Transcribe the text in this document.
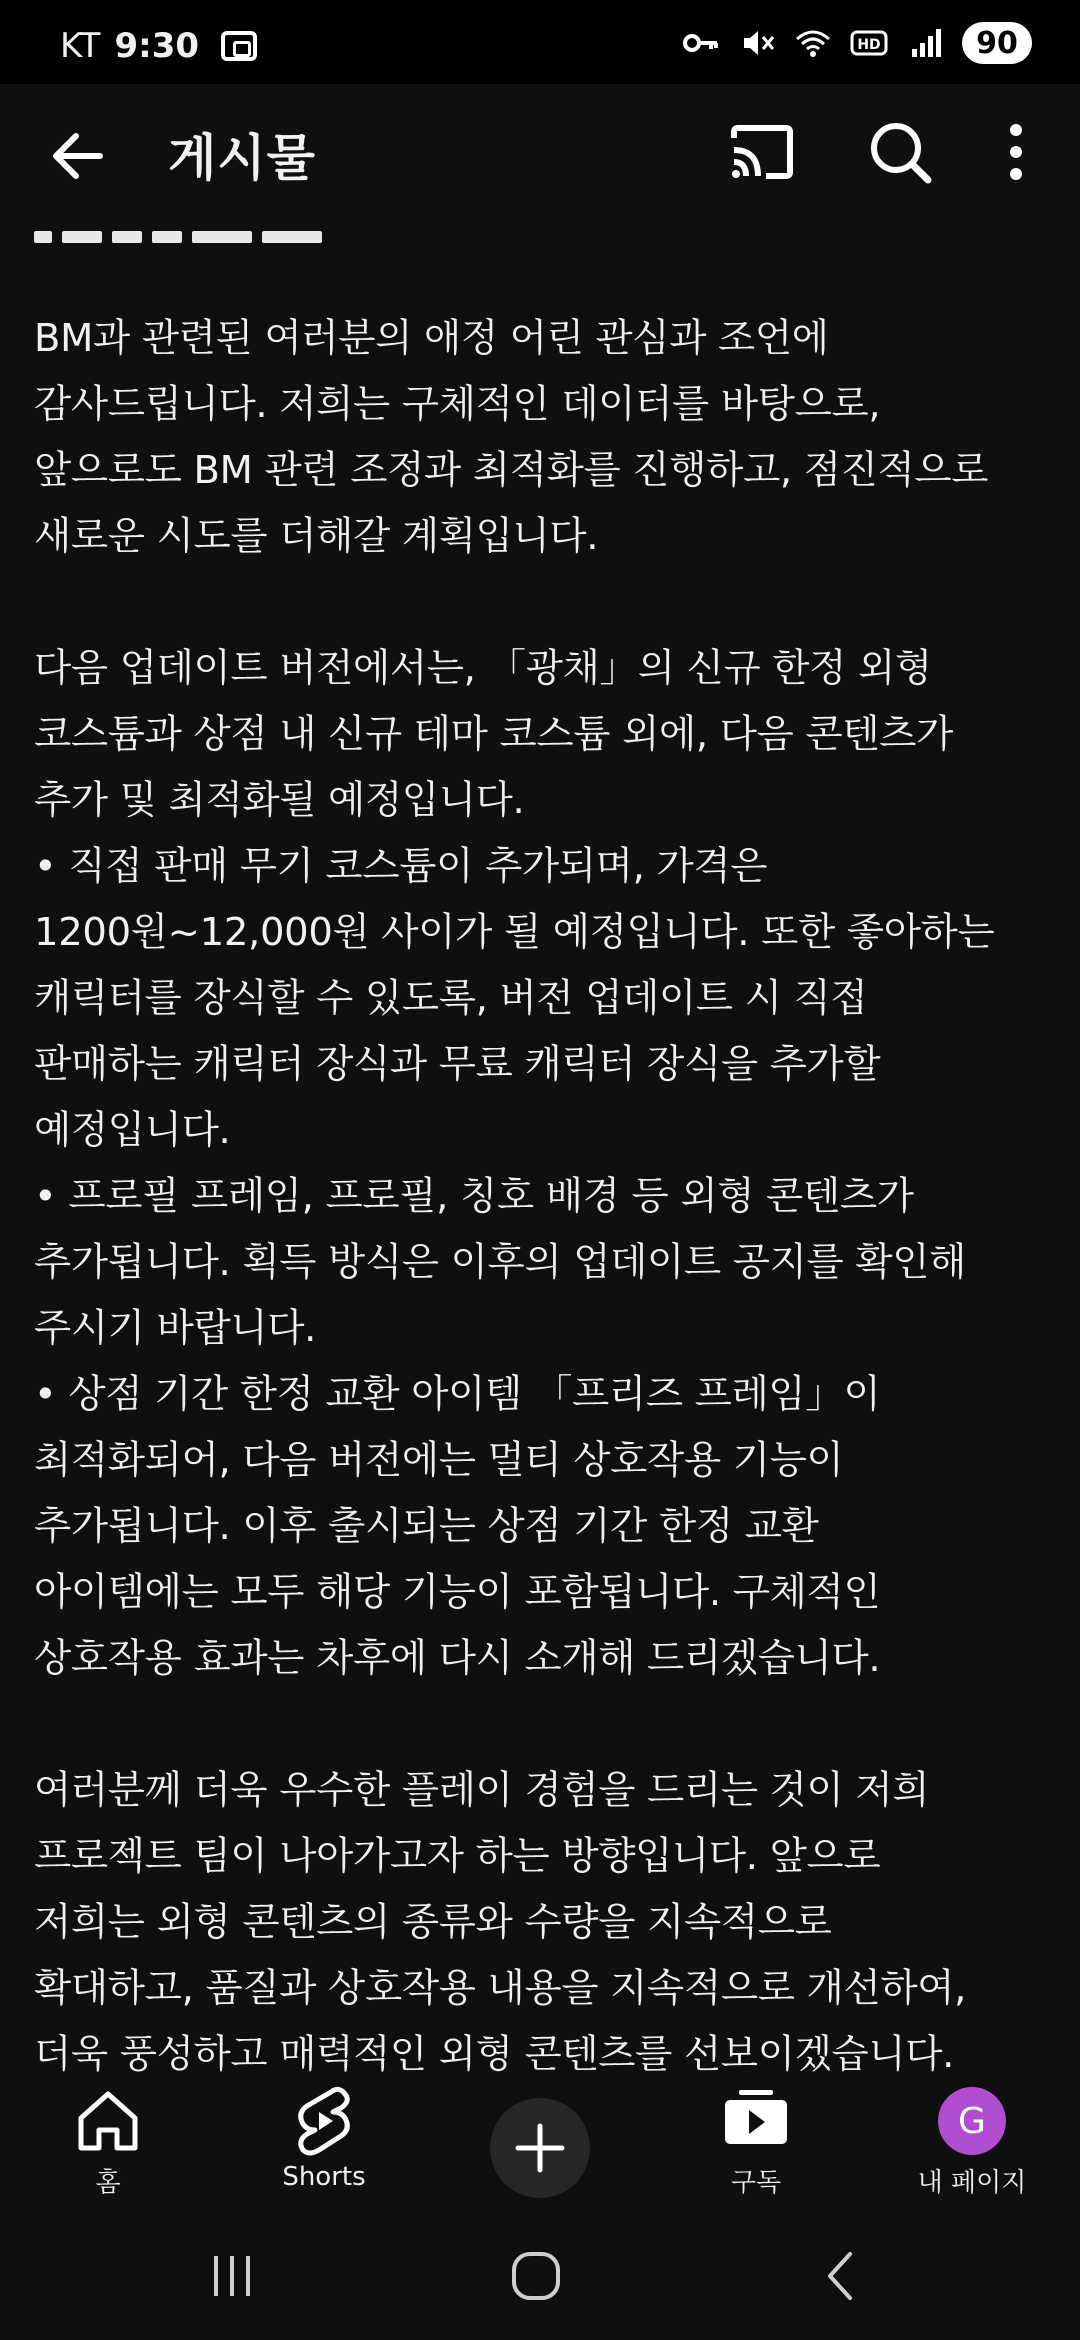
KT 9:30	HD	90
게시물

BM과 관련된 여러분의 애정 어린 관심과 조언에

감사드립니다. 저희는 구체적인 데이터를 바탕으로,

앞으로도 BM 관련 조정과 최적화를 진행하고, 점진적으로

새로운 시도를 더해갈 계획입니다.

다음 업데이트 버전에서는, 「광채」의 신규 한정 외형

코스튬과 상점 내 신규 테마 코스튬 외에, 다음 콘텐츠가

추가 및 최적화될 예정입니다.

• 직접 판매 무기 코스튬이 추가되며, 가격은

1200원~12,000원 사이가 될 예정입니다. 또한 좋아하는

캐릭터를 장식할 수 있도록, 버전 업데이트 시 직접

판매하는 캐릭터 장식과 무료 캐릭터 장식을 추가할

예정입니다.

• 프로필 프레임, 프로필, 칭호 배경 등 외형 콘텐츠가

추가됩니다. 획득 방식은 이후의 업데이트 공지를 확인해

주시기 바랍니다.

• 상점 기간 한정 교환 아이템 「프리즈 프레임」이

최적화되어, 다음 버전에는 멀티 상호작용 기능이

추가됩니다. 이후 출시되는 상점 기간 한정 교환

아이템에는 모두 해당 기능이 포함됩니다. 구체적인

상호작용 효과는 차후에 다시 소개해 드리겠습니다.

여러분께 더욱 우수한 플레이 경험을 드리는 것이 저희

프로젝트 팀이 나아가고자 하는 방향입니다. 앞으로

저희는 외형 콘텐츠의 종류와 수량을 지속적으로

확대하고, 품질과 상호작용 내용을 지속적으로 개선하여,

더욱 풍성하고 매력적인 외형 콘텐츠를 선보이겠습니다.

홈	Shorts	구독
G
내 페이지
